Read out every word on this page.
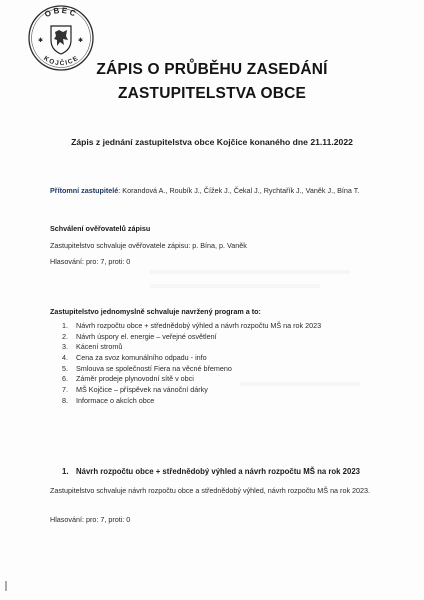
OBEC
KOJČICE
✱	✱

ZÁPIS O PRŮBĚHU ZASEDÁNÍ

ZASTUPITELSTVA OBCE

Zápis z jednání zastupitelstva obce Kojčice konaného dne 21.11.2022

Přítomní zastupitelé: Korandová A., Roubík J., Čížek J., Čekal J., Rychtařík J., Vaněk J., Bína T.

Schválení ověřovatelů zápisu

Zastupitelstvo schvaluje ověřovatele zápisu: p. Bína, p. Vaněk

Hlasování: pro: 7, proti: 0

Zastupitelstvo jednomyslně schvaluje navržený program a to:

1. Návrh rozpočtu obce + střednědobý výhled a návrh rozpočtu MŠ na rok 2023
2. Návrh úspory el. energie – veřejné osvětlení
3. Kácení stromů
4. Cena za svoz komunálního odpadu - info
5. Smlouva se společností Fiera na věcné břemeno
6. Záměr prodeje plynovodní sítě v obci
7. MŠ Kojčice – příspěvek na vánoční dárky
8. Informace o akcích obce

1. Návrh rozpočtu obce + střednědobý výhled a návrh rozpočtu MŠ na rok 2023

Zastupitelstvo schvaluje návrh rozpočtu obce a střednědobý výhled, návrh rozpočtu MŠ na rok 2023.

Hlasování: pro: 7, proti: 0
